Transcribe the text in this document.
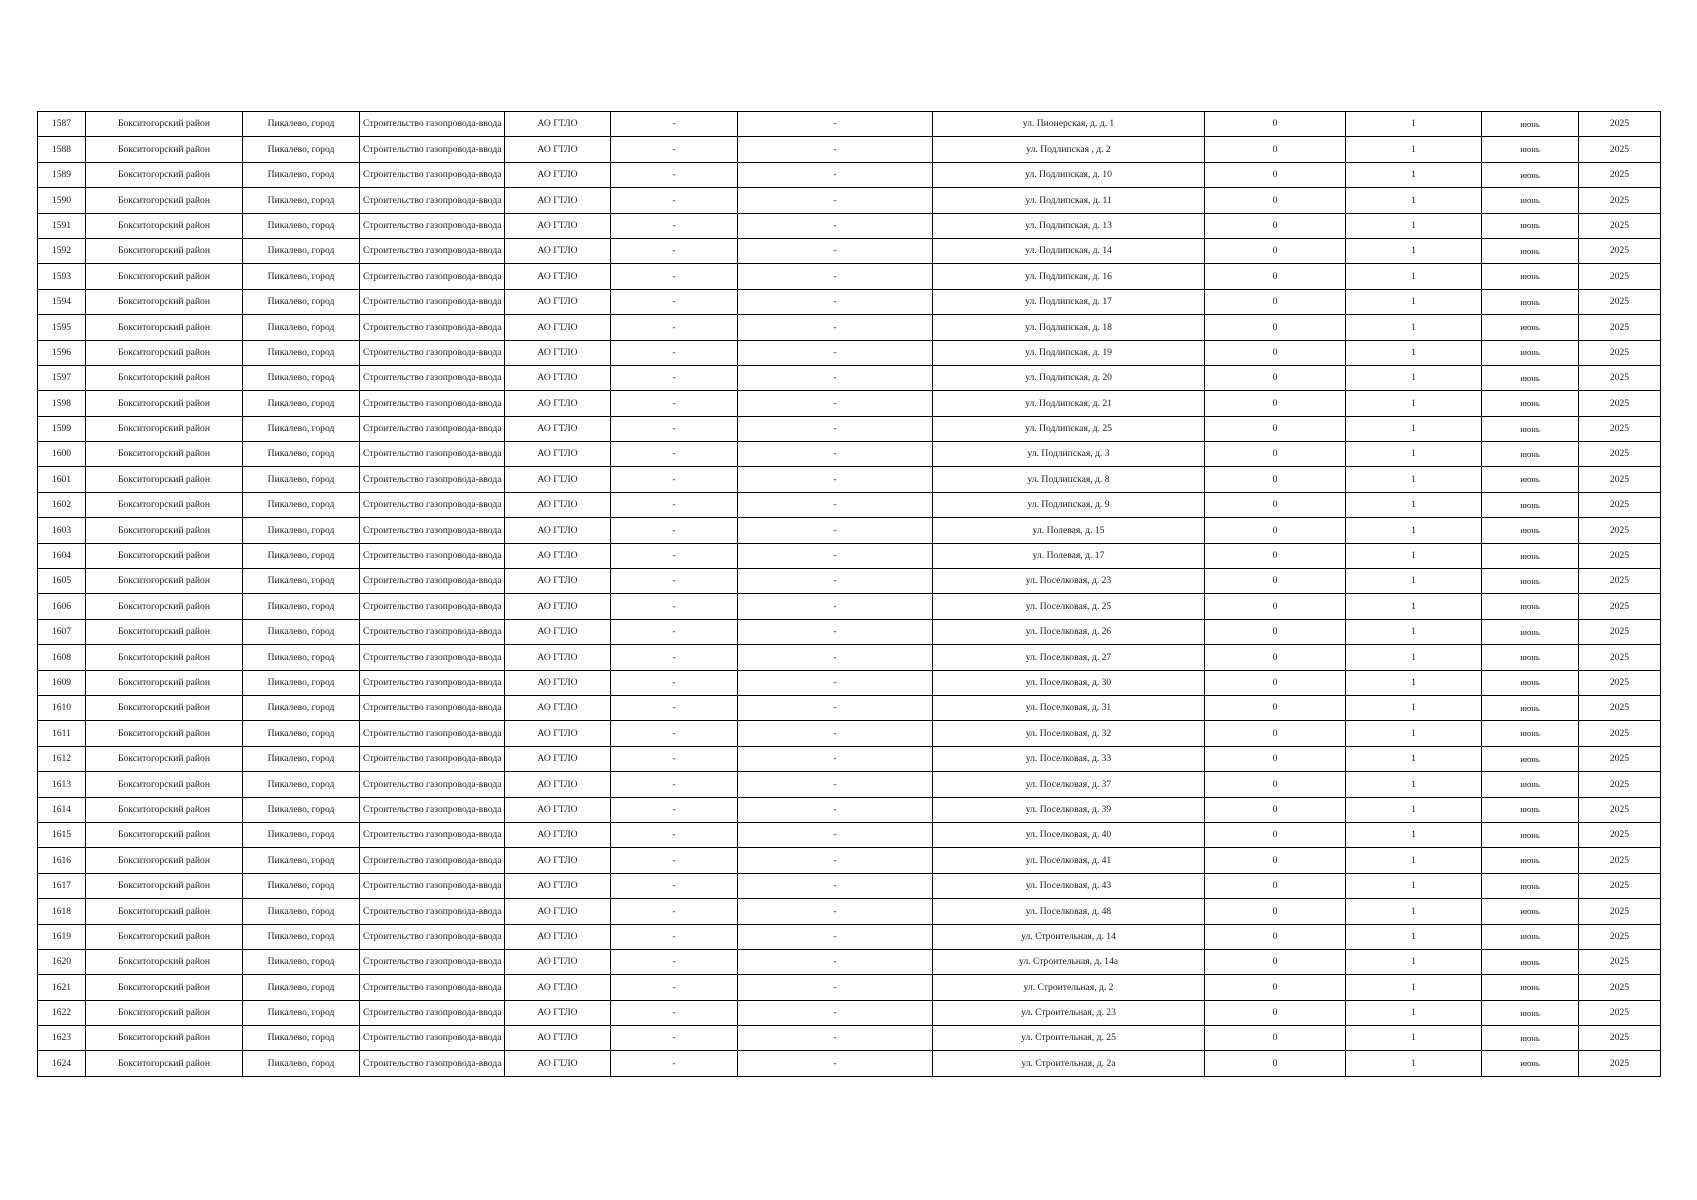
1587	Бокситогорский район	Пикалево, город	Строительство газопровода-ввода	АО ГТЛО	-	-	ул. Пионерская, д. д. 1	0	1	июнь	2025
1588	Бокситогорский район	Пикалево, город	Строительство газопровода-ввода	АО ГТЛО	-	-	ул. Подлипская , д. 2	0	1	июнь	2025
1589	Бокситогорский район	Пикалево, город	Строительство газопровода-ввода	АО ГТЛО	-	-	ул. Подлипская, д. 10	0	1	июнь	2025
1590	Бокситогорский район	Пикалево, город	Строительство газопровода-ввода	АО ГТЛО	-	-	ул. Подлипская, д. 11	0	1	июнь	2025
1591	Бокситогорский район	Пикалево, город	Строительство газопровода-ввода	АО ГТЛО	-	-	ул. Подлипская, д. 13	0	1	июнь	2025
1592	Бокситогорский район	Пикалево, город	Строительство газопровода-ввода	АО ГТЛО	-	-	ул. Подлипская, д. 14	0	1	июнь	2025
1593	Бокситогорский район	Пикалево, город	Строительство газопровода-ввода	АО ГТЛО	-	-	ул. Подлипская, д. 16	0	1	июнь	2025
1594	Бокситогорский район	Пикалево, город	Строительство газопровода-ввода	АО ГТЛО	-	-	ул. Подлипская, д. 17	0	1	июнь	2025
1595	Бокситогорский район	Пикалево, город	Строительство газопровода-ввода	АО ГТЛО	-	-	ул. Подлипская, д. 18	0	1	июнь	2025
1596	Бокситогорский район	Пикалево, город	Строительство газопровода-ввода	АО ГТЛО	-	-	ул. Подлипская, д. 19	0	1	июнь	2025
1597	Бокситогорский район	Пикалево, город	Строительство газопровода-ввода	АО ГТЛО	-	-	ул. Подлипская, д. 20	0	1	июнь	2025
1598	Бокситогорский район	Пикалево, город	Строительство газопровода-ввода	АО ГТЛО	-	-	ул. Подлипская, д. 21	0	1	июнь	2025
1599	Бокситогорский район	Пикалево, город	Строительство газопровода-ввода	АО ГТЛО	-	-	ул. Подлипская, д. 25	0	1	июнь	2025
1600	Бокситогорский район	Пикалево, город	Строительство газопровода-ввода	АО ГТЛО	-	-	ул. Подлипская, д. 3	0	1	июнь	2025
1601	Бокситогорский район	Пикалево, город	Строительство газопровода-ввода	АО ГТЛО	-	-	ул. Подлипская, д. 8	0	1	июнь	2025
1602	Бокситогорский район	Пикалево, город	Строительство газопровода-ввода	АО ГТЛО	-	-	ул. Подлипская, д. 9	0	1	июнь	2025
1603	Бокситогорский район	Пикалево, город	Строительство газопровода-ввода	АО ГТЛО	-	-	ул. Полевая, д. 15	0	1	июнь	2025
1604	Бокситогорский район	Пикалево, город	Строительство газопровода-ввода	АО ГТЛО	-	-	ул. Полевая, д. 17	0	1	июнь	2025
1605	Бокситогорский район	Пикалево, город	Строительство газопровода-ввода	АО ГТЛО	-	-	ул. Поселковая, д. 23	0	1	июнь	2025
1606	Бокситогорский район	Пикалево, город	Строительство газопровода-ввода	АО ГТЛО	-	-	ул. Поселковая, д. 25	0	1	июнь	2025
1607	Бокситогорский район	Пикалево, город	Строительство газопровода-ввода	АО ГТЛО	-	-	ул. Поселковая, д. 26	0	1	июнь	2025
1608	Бокситогорский район	Пикалево, город	Строительство газопровода-ввода	АО ГТЛО	-	-	ул. Поселковая, д. 27	0	1	июнь	2025
1609	Бокситогорский район	Пикалево, город	Строительство газопровода-ввода	АО ГТЛО	-	-	ул. Поселковая, д. 30	0	1	июнь	2025
1610	Бокситогорский район	Пикалево, город	Строительство газопровода-ввода	АО ГТЛО	-	-	ул. Поселковая, д. 31	0	1	июнь	2025
1611	Бокситогорский район	Пикалево, город	Строительство газопровода-ввода	АО ГТЛО	-	-	ул. Поселковая, д. 32	0	1	июнь	2025
1612	Бокситогорский район	Пикалево, город	Строительство газопровода-ввода	АО ГТЛО	-	-	ул. Поселковая, д. 33	0	1	июнь	2025
1613	Бокситогорский район	Пикалево, город	Строительство газопровода-ввода	АО ГТЛО	-	-	ул. Поселковая, д. 37	0	1	июнь	2025
1614	Бокситогорский район	Пикалево, город	Строительство газопровода-ввода	АО ГТЛО	-	-	ул. Поселковая, д. 39	0	1	июнь	2025
1615	Бокситогорский район	Пикалево, город	Строительство газопровода-ввода	АО ГТЛО	-	-	ул. Поселковая, д. 40	0	1	июнь	2025
1616	Бокситогорский район	Пикалево, город	Строительство газопровода-ввода	АО ГТЛО	-	-	ул. Поселковая, д. 41	0	1	июнь	2025
1617	Бокситогорский район	Пикалево, город	Строительство газопровода-ввода	АО ГТЛО	-	-	ул. Поселковая, д. 43	0	1	июнь	2025
1618	Бокситогорский район	Пикалево, город	Строительство газопровода-ввода	АО ГТЛО	-	-	ул. Поселковая, д. 48	0	1	июнь	2025
1619	Бокситогорский район	Пикалево, город	Строительство газопровода-ввода	АО ГТЛО	-	-	ул. Строительная, д. 14	0	1	июнь	2025
1620	Бокситогорский район	Пикалево, город	Строительство газопровода-ввода	АО ГТЛО	-	-	ул. Строительная, д. 14а	0	1	июнь	2025
1621	Бокситогорский район	Пикалево, город	Строительство газопровода-ввода	АО ГТЛО	-	-	ул. Строительная, д. 2	0	1	июнь	2025
1622	Бокситогорский район	Пикалево, город	Строительство газопровода-ввода	АО ГТЛО	-	-	ул. Строительная, д. 23	0	1	июнь	2025
1623	Бокситогорский район	Пикалево, город	Строительство газопровода-ввода	АО ГТЛО	-	-	ул. Строительная, д. 25	0	1	июнь	2025
1624	Бокситогорский район	Пикалево, город	Строительство газопровода-ввода	АО ГТЛО	-	-	ул. Строительная, д. 2а	0	1	июнь	2025
